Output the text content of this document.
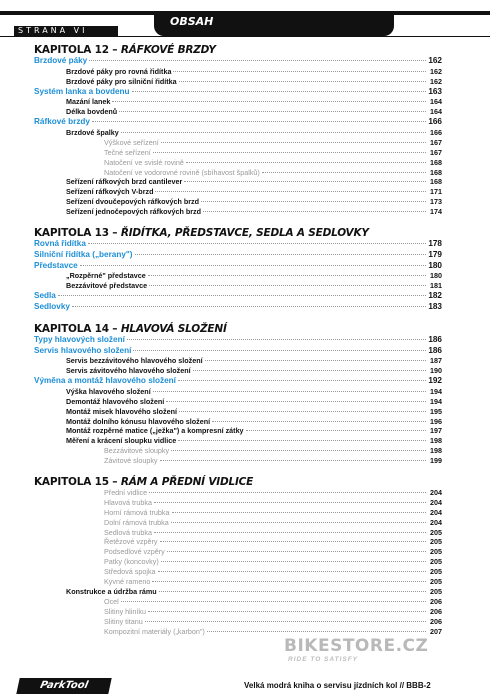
OBSAH
STRANA VI
KAPITOLA 12 – RÁFKOVÉ BRZDY
Brzdové páky	162
Brzdové páky pro rovná řidítka	162
Brzdové páky pro silniční řidítka	162
Systém lanka a bovdenu	163
Mazání lanek	164
Délka bovdenů	164
Ráfkové brzdy	166
Brzdové špalky	166
Výškové seřízení	167
Tečné seřízení	167
Natočení ve svislé rovině	168
Natočení ve vodorovné rovině (sbíhavost špalků)	168
Seřízení ráfkových brzd cantilever	168
Seřízení ráfkových V-brzd	171
Seřízení dvoučepových ráfkových brzd	173
Seřízení jednočepových ráfkových brzd	174
KAPITOLA 13 – ŘIDÍTKA, PŘEDSTAVCE, SEDLA A SEDLOVKY
Rovná řidítka	178
Silniční řidítka („berany")	179
Představce	180
„Rozpěrné" představce	180
Bezzávitové představce	181
Sedla	182
Sedlovky	183
KAPITOLA 14 – HLAVOVÁ SLOŽENÍ
Typy hlavových složení	186
Servis hlavového složení	186
Servis bezzávitového hlavového složení	187
Servis závitového hlavového složení	190
Výměna a montáž hlavového složení	192
Výška hlavového složení	194
Demontáž hlavového složení	194
Montáž misek hlavového složení	195
Montáž dolního kónusu hlavového složení	196
Montáž rozpěrné matice („ježka") a kompresní zátky	197
Měření a krácení sloupku vidlice	198
Bezzávitové sloupky	198
Závitové sloupky	199
KAPITOLA 15 – RÁM A PŘEDNÍ VIDLICE
Přední vidlice	204
Hlavová trubka	204
Horní rámová trubka	204
Dolní rámová trubka	204
Sedlová trubka	205
Řetězové vzpěry	205
Podsedlové vzpěry	205
Patky (koncovky)	205
Středová spojka	205
Kyvné rameno	205
Konstrukce a údržba rámu	205
Ocel	206
Slitiny hliníku	206
Slitiny titanu	206
Kompozitní materiály („karbon")	207
BIKESTORE.CZ
RIDE TO SATISFY
ParkTool	Velká modrá kniha o servisu jízdních kol // BBB-2
